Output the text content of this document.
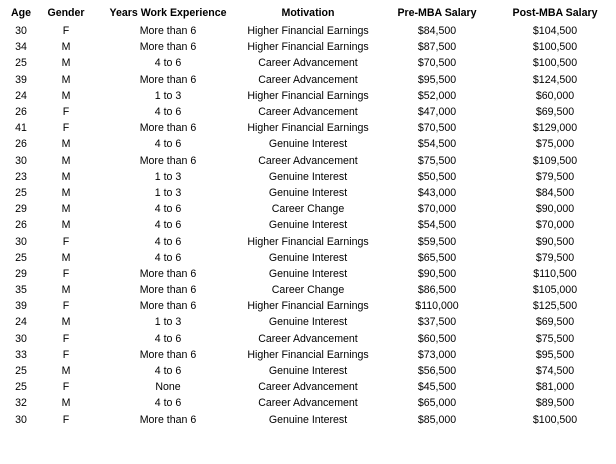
Age	Gender	Years Work Experience	Motivation	Pre-MBA Salary	Post-MBA Salary
30	F	More than 6	Higher Financial Earnings	$84,500	$104,500
34	M	More than 6	Higher Financial Earnings	$87,500	$100,500
25	M	4 to 6	Career Advancement	$70,500	$100,500
39	M	More than 6	Career Advancement	$95,500	$124,500
24	M	1 to 3	Higher Financial Earnings	$52,000	$60,000
26	F	4 to 6	Career Advancement	$47,000	$69,500
41	F	More than 6	Higher Financial Earnings	$70,500	$129,000
26	M	4 to 6	Genuine Interest	$54,500	$75,000
30	M	More than 6	Career Advancement	$75,500	$109,500
23	M	1 to 3	Genuine Interest	$50,500	$79,500
25	M	1 to 3	Genuine Interest	$43,000	$84,500
29	M	4 to 6	Career Change	$70,000	$90,000
26	M	4 to 6	Genuine Interest	$54,500	$70,000
30	F	4 to 6	Higher Financial Earnings	$59,500	$90,500
25	M	4 to 6	Genuine Interest	$65,500	$79,500
29	F	More than 6	Genuine Interest	$90,500	$110,500
35	M	More than 6	Career Change	$86,500	$105,000
39	F	More than 6	Higher Financial Earnings	$110,000	$125,500
24	M	1 to 3	Genuine Interest	$37,500	$69,500
30	F	4 to 6	Career Advancement	$60,500	$75,500
33	F	More than 6	Higher Financial Earnings	$73,000	$95,500
25	M	4 to 6	Genuine Interest	$56,500	$74,500
25	F	None	Career Advancement	$45,500	$81,000
32	M	4 to 6	Career Advancement	$65,000	$89,500
30	F	More than 6	Genuine Interest	$85,000	$100,500
